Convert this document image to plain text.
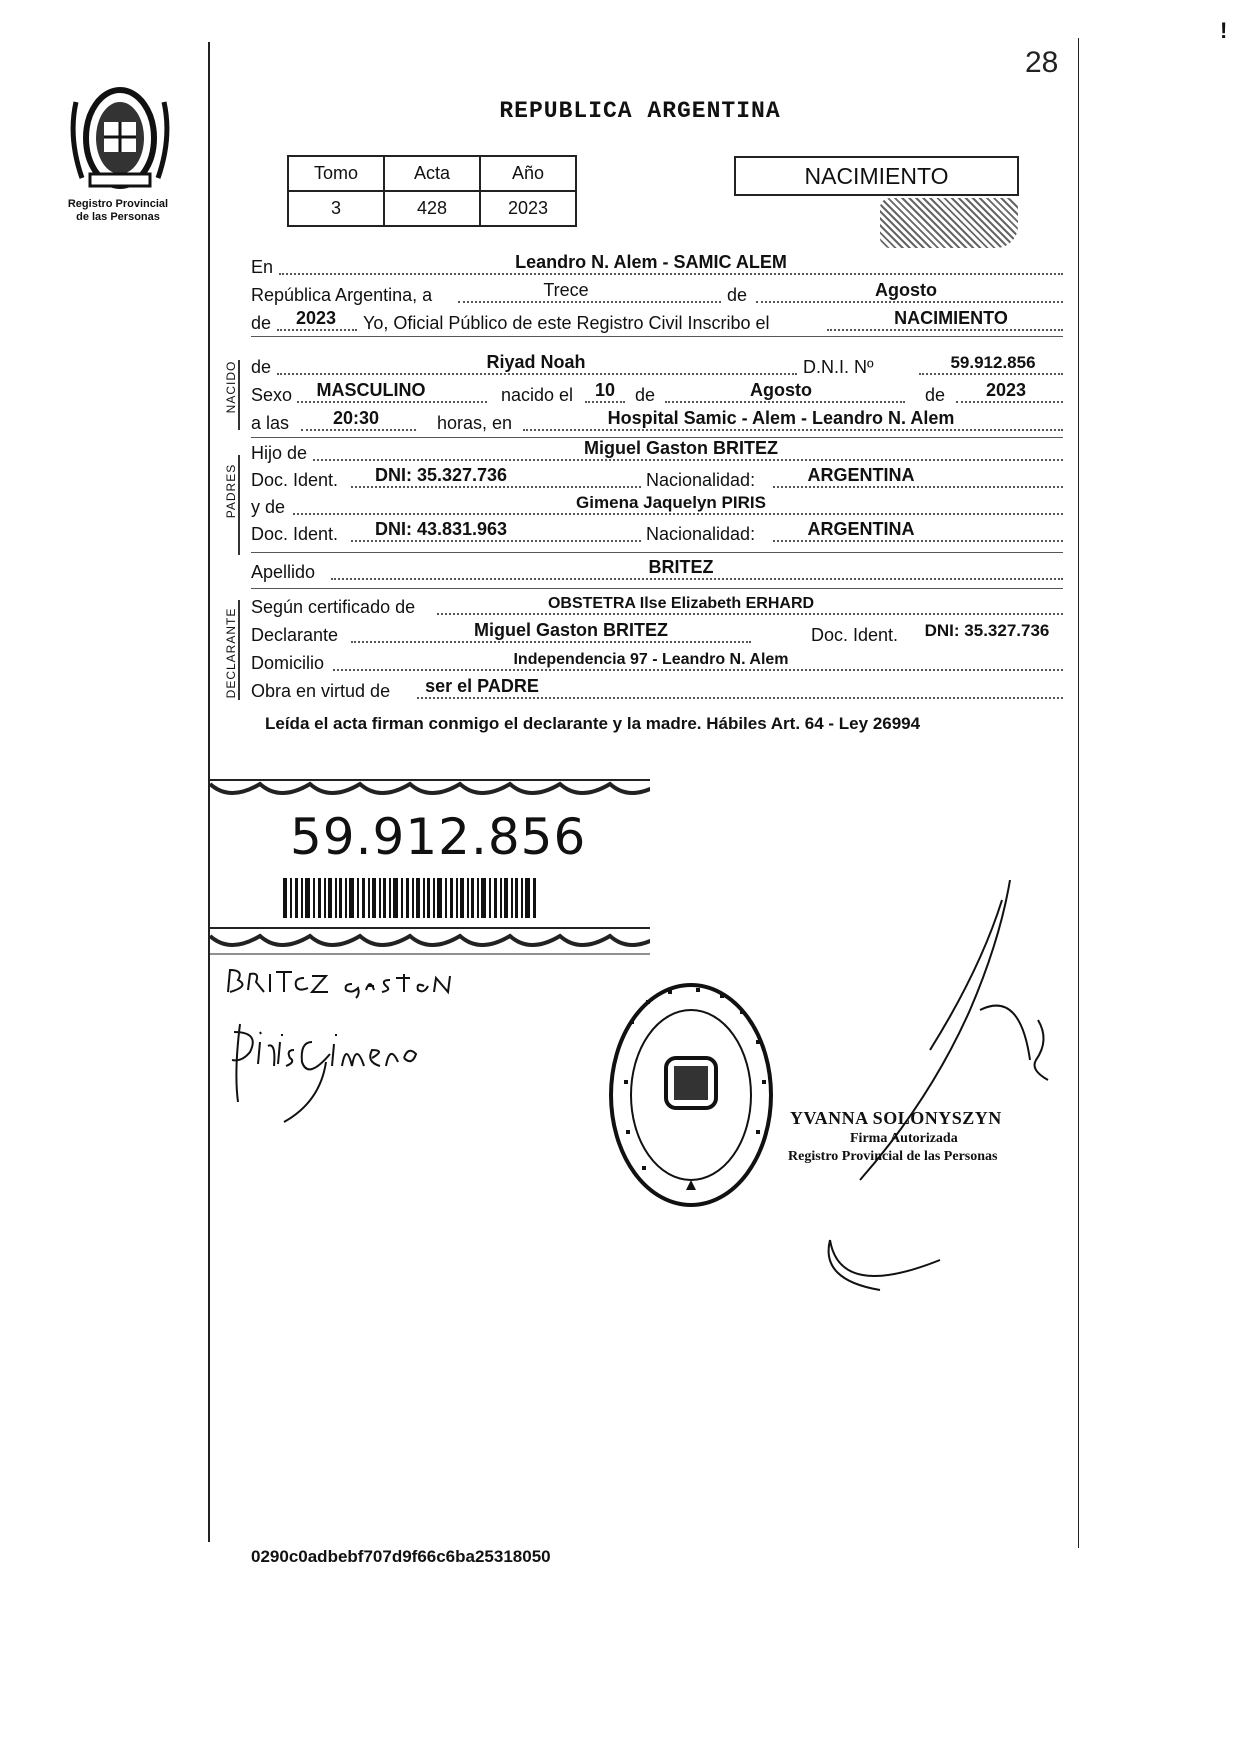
!
28
Registro Provincial
de las Personas
REPUBLICA ARGENTINA
Tomo	Acta	Año
3	428	2023
NACIMIENTO
En	Leandro N. Alem - SAMIC ALEM
República Argentina, a	Trece	de	Agosto
de	2023	Yo, Oficial Público de este Registro Civil Inscribo el	NACIMIENTO
NACIDO de	Riyad Noah	D.N.I. Nº	59.912.856
Sexo	MASCULINO	nacido el	10	de	Agosto	de	2023
a las	20:30	horas, en	Hospital Samic - Alem - Leandro N. Alem
PADRES
Hijo de	Miguel Gaston BRITEZ
Doc. Ident.	DNI: 35.327.736	Nacionalidad:	ARGENTINA
y de	Gimena Jaquelyn PIRIS
Doc. Ident.	DNI: 43.831.963	Nacionalidad:	ARGENTINA
Apellido	BRITEZ
DECLARANTE
Según certificado de	OBSTETRA Ilse Elizabeth ERHARD
Declarante	Miguel Gaston BRITEZ	Doc. Ident.	DNI: 35.327.736
Domicilio	Independencia 97 - Leandro N. Alem
Obra en virtud de	ser el PADRE
Leída el acta firman conmigo el declarante y la madre. Hábiles Art. 64 - Ley 26994
59.912.856
YVANNA SOLONYSZYN
Firma Autorizada
Registro Provincial de las Personas
0290c0adbebf707d9f66c6ba25318050
